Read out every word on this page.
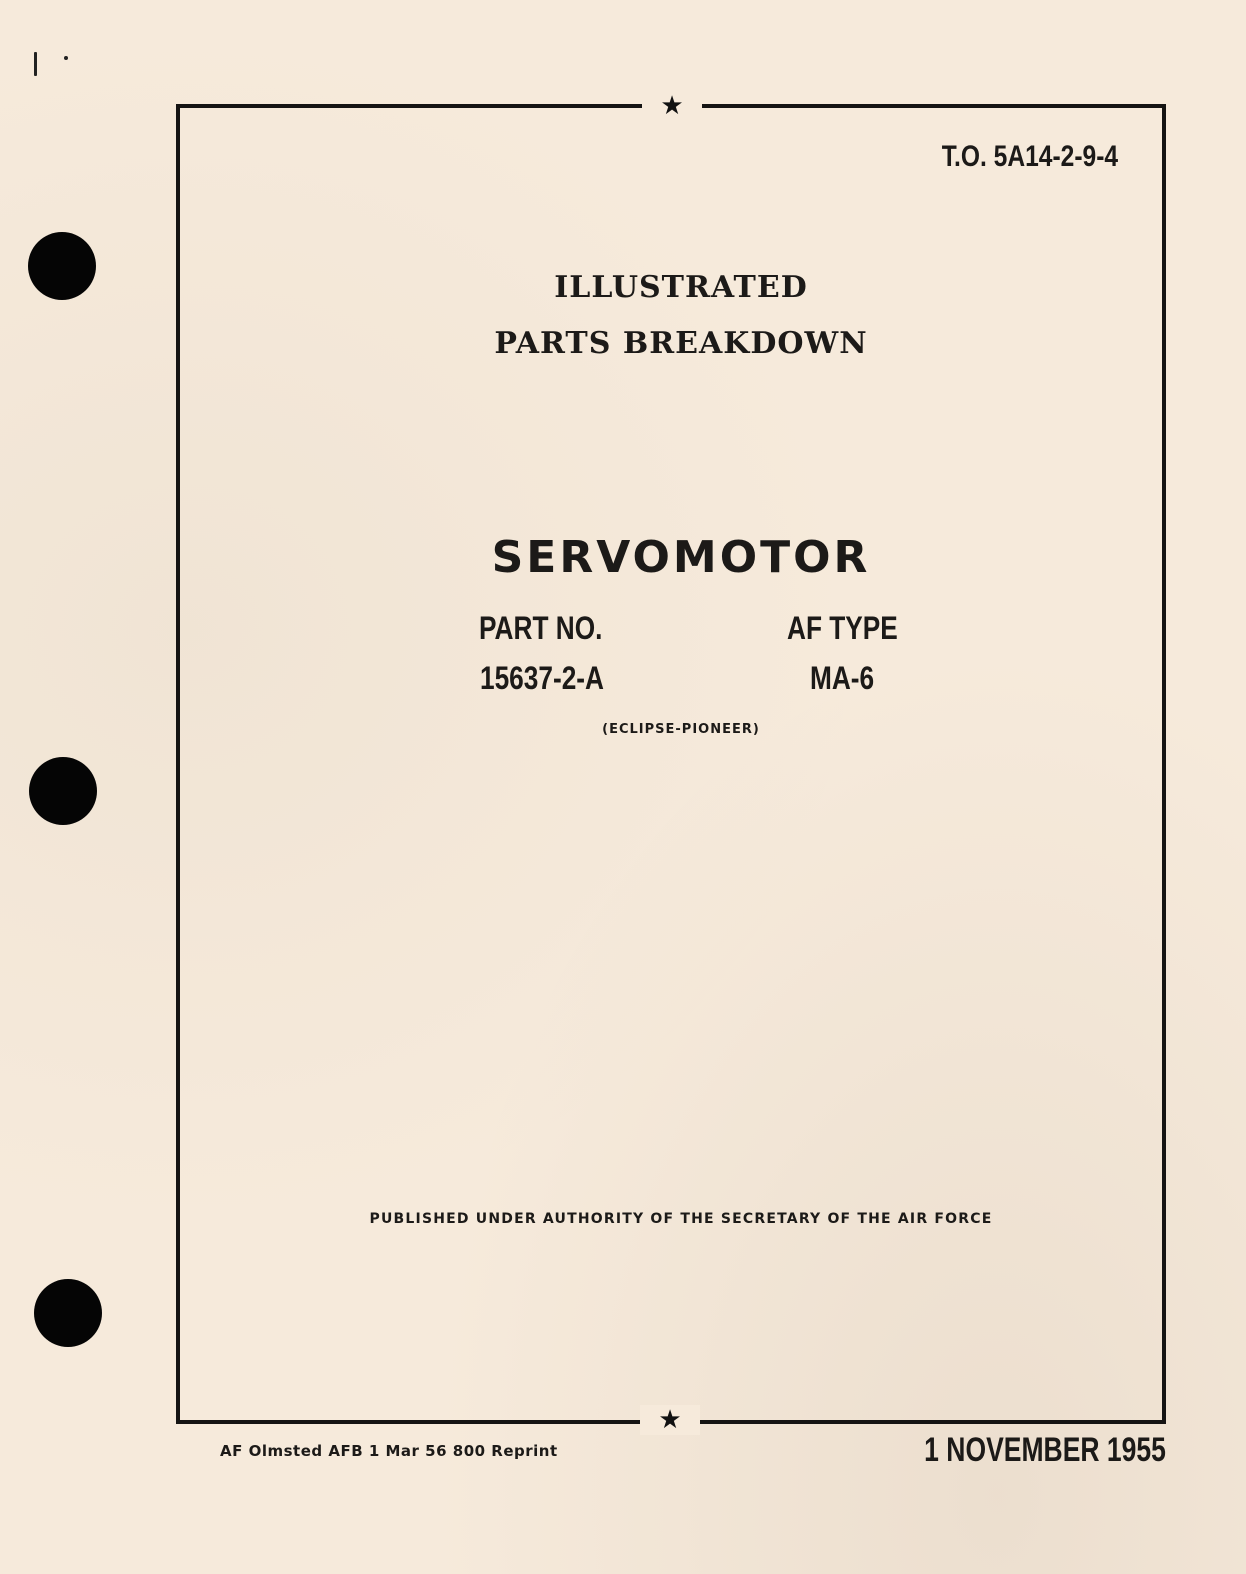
★
★
T.O. 5A14-2-9-4
ILLUSTRATED
PARTS BREAKDOWN
SERVOMOTOR
PART NO.	AF TYPE
15637-2-A	MA-6
(ECLIPSE-PIONEER)
PUBLISHED UNDER AUTHORITY OF THE SECRETARY OF THE AIR FORCE
AF Olmsted AFB 1 Mar 56 800 Reprint	1 NOVEMBER 1955
